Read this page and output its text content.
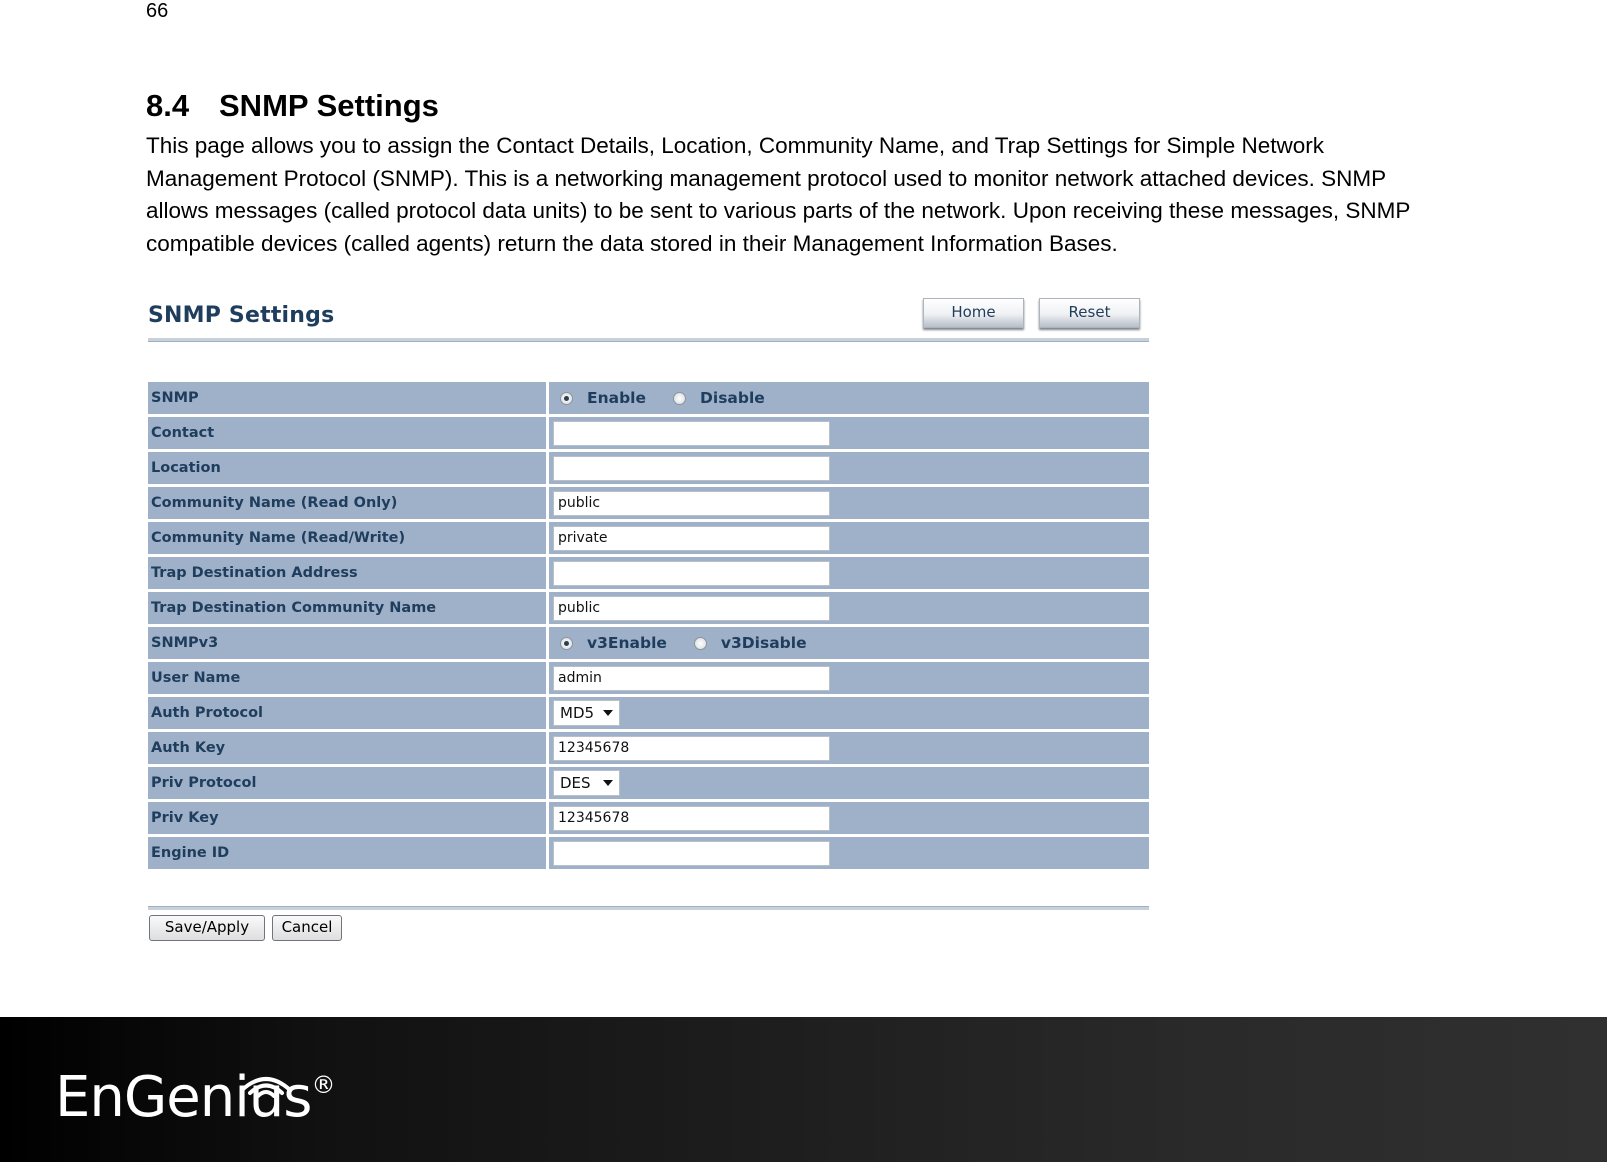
66
8.4 SNMP Settings

This page allows you to assign the Contact Details, Location, Community Name, and Trap Settings for Simple Network Management Protocol (SNMP). This is a networking management protocol used to monitor network attached devices. SNMP allows messages (called protocol data units) to be sent to various parts of the network. Upon receiving these messages, SNMP compatible devices (called agents) return the data stored in their Management Information Bases.

SNMP Settings	Home	Reset
SNMP	Enable Disable

Contact	

Location	

Community Name (Read Only)	public

Community Name (Read/Write)	private

Trap Destination Address	

Trap Destination Community Name	public

SNMPv3	v3Enable v3Disable

User Name	admin

Auth Protocol	MD5

Auth Key	12345678

Priv Protocol	DES

Priv Key	12345678

Engine ID	
Save/Apply	Cancel
EnGenius®
